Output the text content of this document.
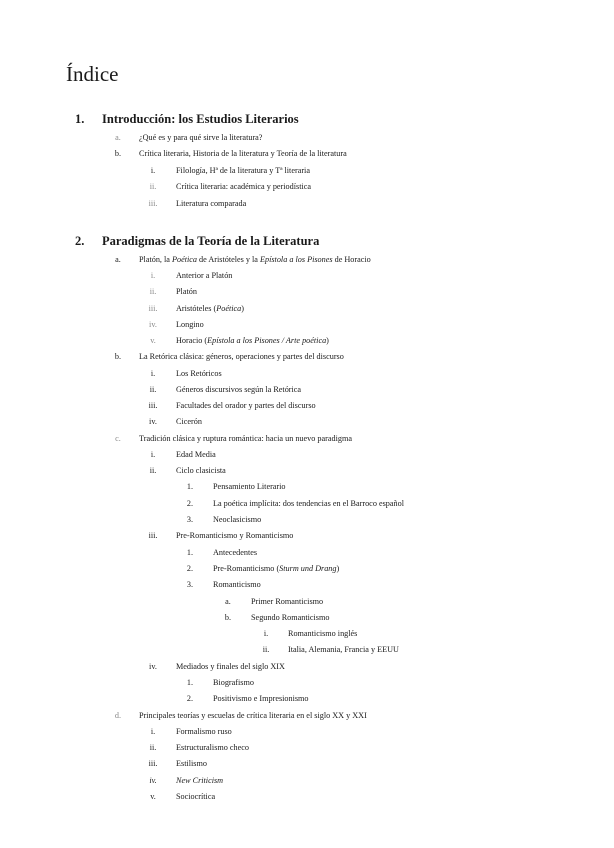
Índice
1. Introducción: los Estudios Literarios
a.	¿Qué es y para qué sirve la literatura?
b.	Crítica literaria, Historia de la literatura y Teoría de la literatura
i.	Filología, Hª de la literatura y Tª literaria
ii.	Crítica literaria: académica y periodística
iii.	Literatura comparada
2. Paradigmas de la Teoría de la Literatura
a.	Platón, la Poética de Aristóteles y la Epístola a los Pisones de Horacio
i.	Anterior a Platón
ii.	Platón
iii.	Aristóteles (Poética)
iv.	Longino
v.	Horacio (Epístola a los Pisones / Arte poética)
b.	La Retórica clásica: géneros, operaciones y partes del discurso
i.	Los Retóricos
ii.	Géneros discursivos según la Retórica
iii.	Facultades del orador y partes del discurso
iv.	Cicerón
c.	Tradición clásica y ruptura romántica: hacia un nuevo paradigma
i.	Edad Media
ii.	Ciclo clasicista
1.	Pensamiento Literario
2.	La poética implícita: dos tendencias en el Barroco español
3.	Neoclasicismo
iii.	Pre-Romanticismo y Romanticismo
1.	Antecedentes
2.	Pre-Romanticismo (Sturm und Drang)
3.	Romanticismo
a.	Primer Romanticismo
b.	Segundo Romanticismo
i.	Romanticismo inglés
ii.	Italia, Alemania, Francia y EEUU
iv.	Mediados y finales del siglo XIX
1.	Biografismo
2.	Positivismo e Impresionismo
d.	Principales teorías y escuelas de crítica literaria en el siglo XX y XXI
i.	Formalismo ruso
ii.	Estructuralismo checo
iii.	Estilismo
iv.	New Criticism
v.	Sociocrítica
